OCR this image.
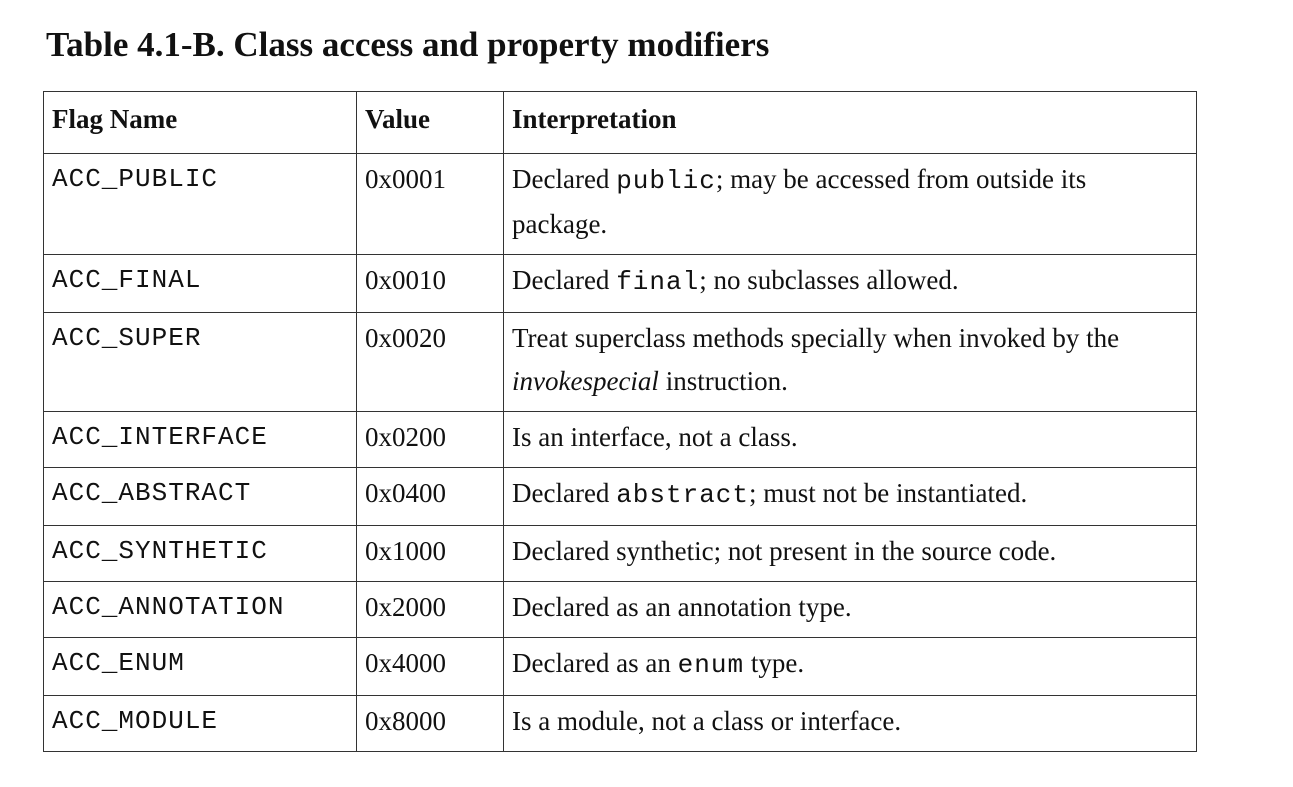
Table 4.1-B. Class access and property modifiers
Flag Name	Value	Interpretation
ACC_PUBLIC	0x0001	Declared public; may be accessed from outside its package.
ACC_FINAL	0x0010	Declared final; no subclasses allowed.
ACC_SUPER	0x0020	Treat superclass methods specially when invoked by the invokespecial instruction.
ACC_INTERFACE	0x0200	Is an interface, not a class.
ACC_ABSTRACT	0x0400	Declared abstract; must not be instantiated.
ACC_SYNTHETIC	0x1000	Declared synthetic; not present in the source code.
ACC_ANNOTATION	0x2000	Declared as an annotation type.
ACC_ENUM	0x4000	Declared as an enum type.
ACC_MODULE	0x8000	Is a module, not a class or interface.
